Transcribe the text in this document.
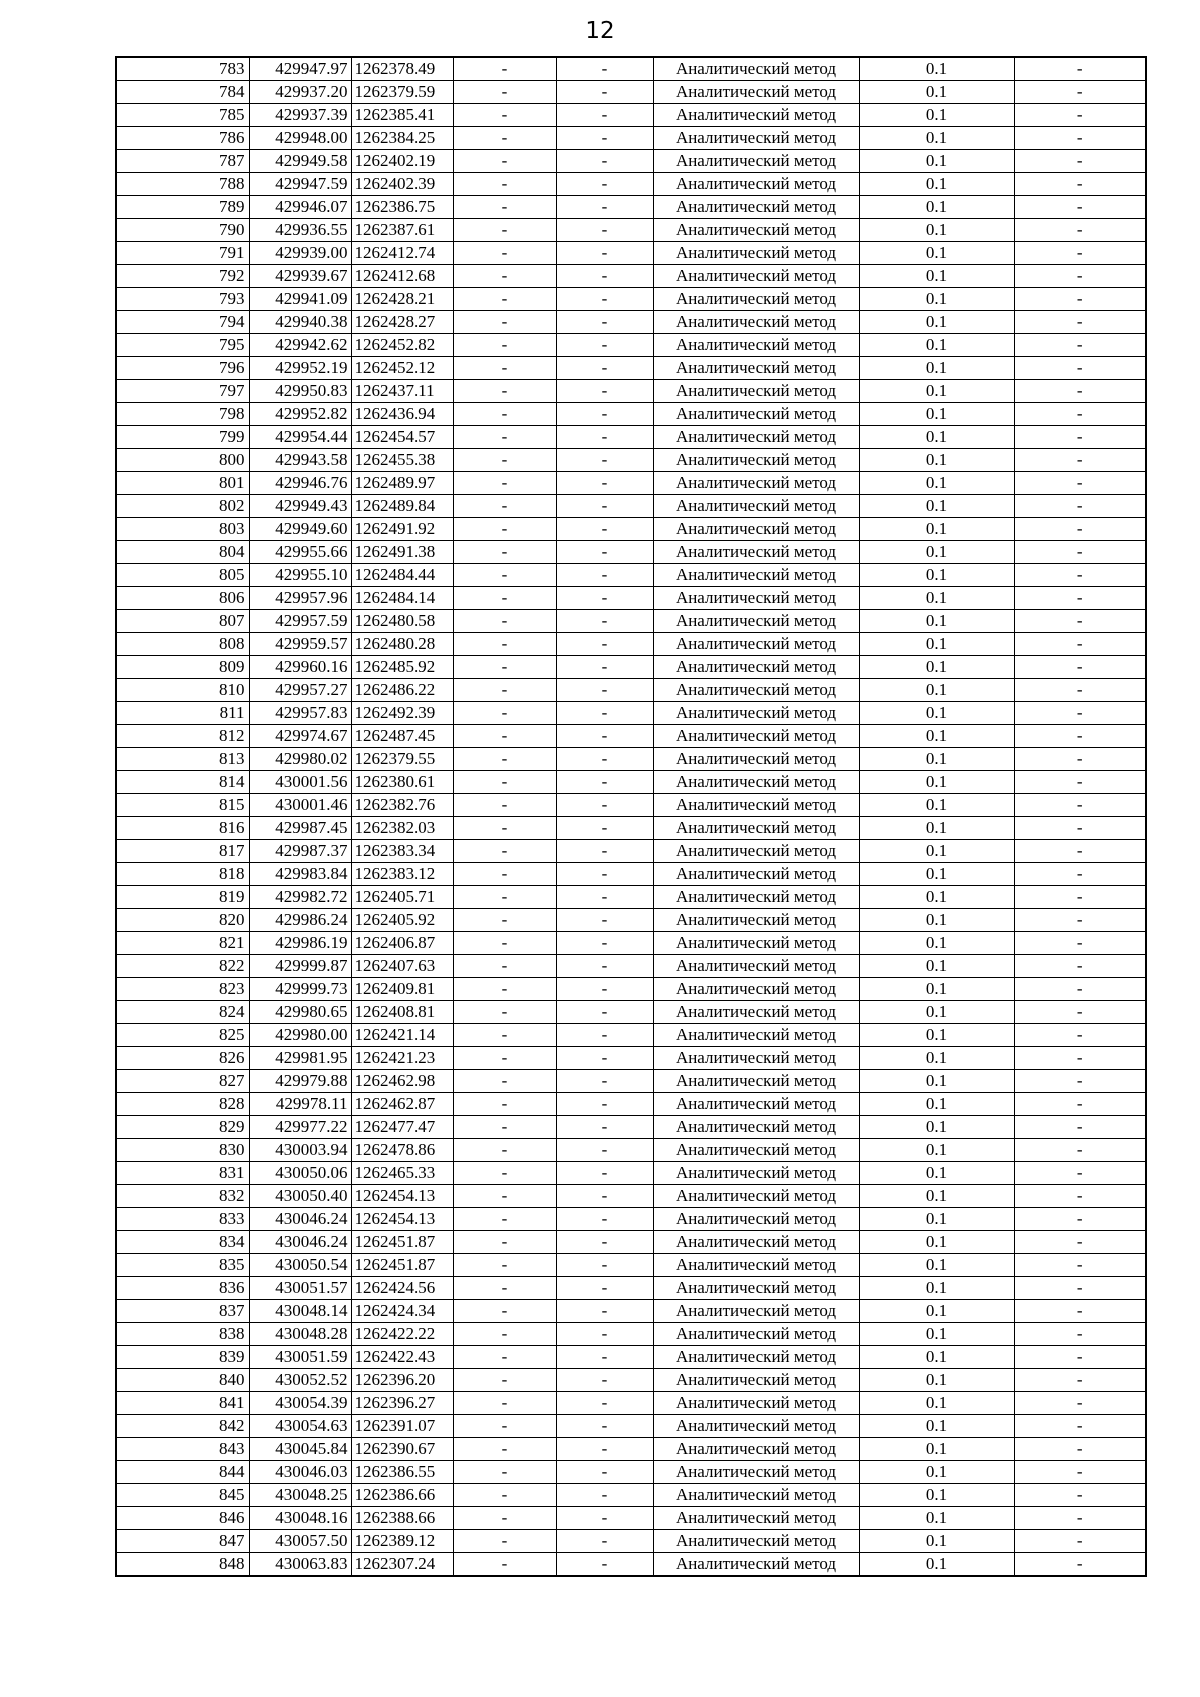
12
783	429947.97	1262378.49	-	-	Аналитический метод	0.1	-
784	429937.20	1262379.59	-	-	Аналитический метод	0.1	-
785	429937.39	1262385.41	-	-	Аналитический метод	0.1	-
786	429948.00	1262384.25	-	-	Аналитический метод	0.1	-
787	429949.58	1262402.19	-	-	Аналитический метод	0.1	-
788	429947.59	1262402.39	-	-	Аналитический метод	0.1	-
789	429946.07	1262386.75	-	-	Аналитический метод	0.1	-
790	429936.55	1262387.61	-	-	Аналитический метод	0.1	-
791	429939.00	1262412.74	-	-	Аналитический метод	0.1	-
792	429939.67	1262412.68	-	-	Аналитический метод	0.1	-
793	429941.09	1262428.21	-	-	Аналитический метод	0.1	-
794	429940.38	1262428.27	-	-	Аналитический метод	0.1	-
795	429942.62	1262452.82	-	-	Аналитический метод	0.1	-
796	429952.19	1262452.12	-	-	Аналитический метод	0.1	-
797	429950.83	1262437.11	-	-	Аналитический метод	0.1	-
798	429952.82	1262436.94	-	-	Аналитический метод	0.1	-
799	429954.44	1262454.57	-	-	Аналитический метод	0.1	-
800	429943.58	1262455.38	-	-	Аналитический метод	0.1	-
801	429946.76	1262489.97	-	-	Аналитический метод	0.1	-
802	429949.43	1262489.84	-	-	Аналитический метод	0.1	-
803	429949.60	1262491.92	-	-	Аналитический метод	0.1	-
804	429955.66	1262491.38	-	-	Аналитический метод	0.1	-
805	429955.10	1262484.44	-	-	Аналитический метод	0.1	-
806	429957.96	1262484.14	-	-	Аналитический метод	0.1	-
807	429957.59	1262480.58	-	-	Аналитический метод	0.1	-
808	429959.57	1262480.28	-	-	Аналитический метод	0.1	-
809	429960.16	1262485.92	-	-	Аналитический метод	0.1	-
810	429957.27	1262486.22	-	-	Аналитический метод	0.1	-
811	429957.83	1262492.39	-	-	Аналитический метод	0.1	-
812	429974.67	1262487.45	-	-	Аналитический метод	0.1	-
813	429980.02	1262379.55	-	-	Аналитический метод	0.1	-
814	430001.56	1262380.61	-	-	Аналитический метод	0.1	-
815	430001.46	1262382.76	-	-	Аналитический метод	0.1	-
816	429987.45	1262382.03	-	-	Аналитический метод	0.1	-
817	429987.37	1262383.34	-	-	Аналитический метод	0.1	-
818	429983.84	1262383.12	-	-	Аналитический метод	0.1	-
819	429982.72	1262405.71	-	-	Аналитический метод	0.1	-
820	429986.24	1262405.92	-	-	Аналитический метод	0.1	-
821	429986.19	1262406.87	-	-	Аналитический метод	0.1	-
822	429999.87	1262407.63	-	-	Аналитический метод	0.1	-
823	429999.73	1262409.81	-	-	Аналитический метод	0.1	-
824	429980.65	1262408.81	-	-	Аналитический метод	0.1	-
825	429980.00	1262421.14	-	-	Аналитический метод	0.1	-
826	429981.95	1262421.23	-	-	Аналитический метод	0.1	-
827	429979.88	1262462.98	-	-	Аналитический метод	0.1	-
828	429978.11	1262462.87	-	-	Аналитический метод	0.1	-
829	429977.22	1262477.47	-	-	Аналитический метод	0.1	-
830	430003.94	1262478.86	-	-	Аналитический метод	0.1	-
831	430050.06	1262465.33	-	-	Аналитический метод	0.1	-
832	430050.40	1262454.13	-	-	Аналитический метод	0.1	-
833	430046.24	1262454.13	-	-	Аналитический метод	0.1	-
834	430046.24	1262451.87	-	-	Аналитический метод	0.1	-
835	430050.54	1262451.87	-	-	Аналитический метод	0.1	-
836	430051.57	1262424.56	-	-	Аналитический метод	0.1	-
837	430048.14	1262424.34	-	-	Аналитический метод	0.1	-
838	430048.28	1262422.22	-	-	Аналитический метод	0.1	-
839	430051.59	1262422.43	-	-	Аналитический метод	0.1	-
840	430052.52	1262396.20	-	-	Аналитический метод	0.1	-
841	430054.39	1262396.27	-	-	Аналитический метод	0.1	-
842	430054.63	1262391.07	-	-	Аналитический метод	0.1	-
843	430045.84	1262390.67	-	-	Аналитический метод	0.1	-
844	430046.03	1262386.55	-	-	Аналитический метод	0.1	-
845	430048.25	1262386.66	-	-	Аналитический метод	0.1	-
846	430048.16	1262388.66	-	-	Аналитический метод	0.1	-
847	430057.50	1262389.12	-	-	Аналитический метод	0.1	-
848	430063.83	1262307.24	-	-	Аналитический метод	0.1	-
